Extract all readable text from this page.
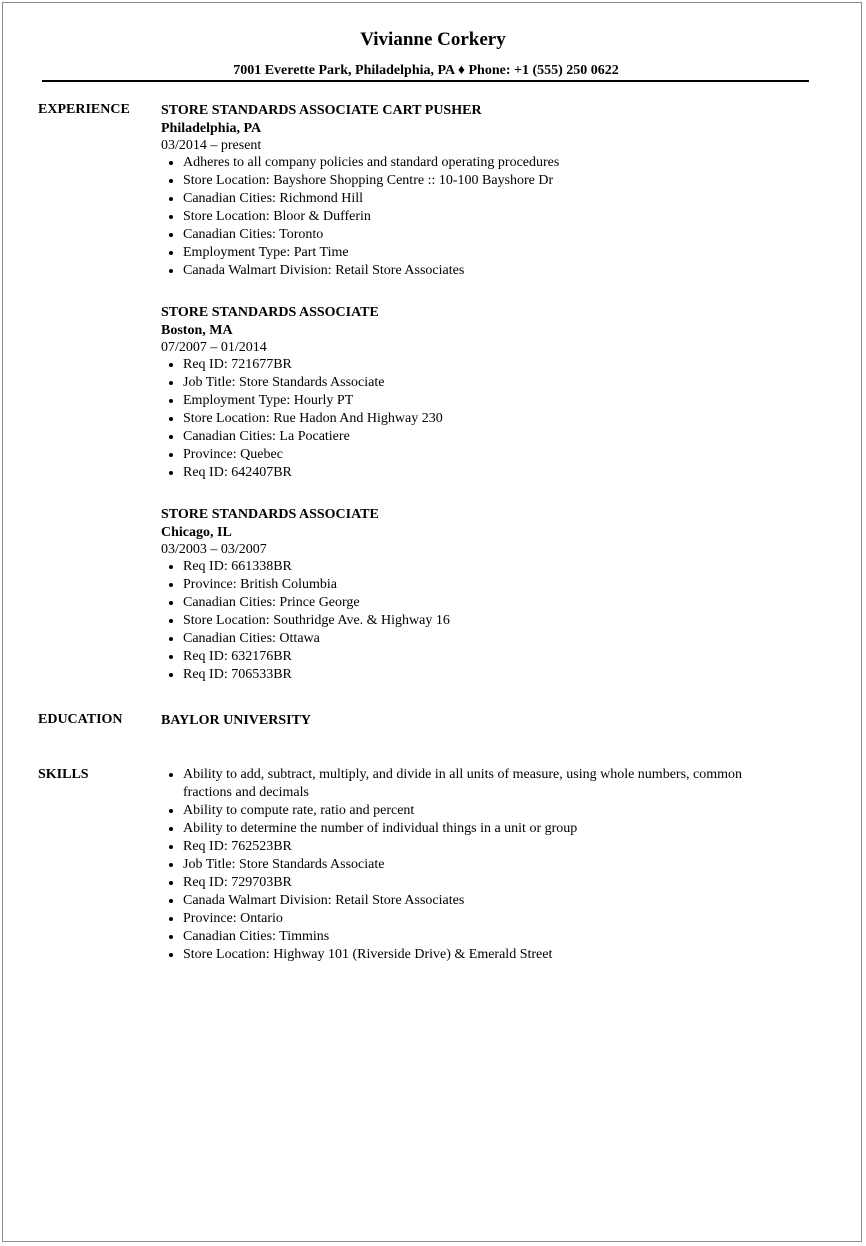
Vivianne Corkery
7001 Everette Park, Philadelphia, PA ♦ Phone: +1 (555) 250 0622
EXPERIENCE STORE STANDARDS ASSOCIATE CART PUSHER
Philadelphia, PA
03/2014 – present
Adheres to all company policies and standard operating procedures
Store Location: Bayshore Shopping Centre :: 10-100 Bayshore Dr
Canadian Cities: Richmond Hill
Store Location: Bloor & Dufferin
Canadian Cities: Toronto
Employment Type: Part Time
Canada Walmart Division: Retail Store Associates
STORE STANDARDS ASSOCIATE
Boston, MA
07/2007 – 01/2014
Req ID: 721677BR
Job Title: Store Standards Associate
Employment Type: Hourly PT
Store Location: Rue Hadon And Highway 230
Canadian Cities: La Pocatiere
Province: Quebec
Req ID: 642407BR
STORE STANDARDS ASSOCIATE
Chicago, IL
03/2003 – 03/2007
Req ID: 661338BR
Province: British Columbia
Canadian Cities: Prince George
Store Location: Southridge Ave. & Highway 16
Canadian Cities: Ottawa
Req ID: 632176BR
Req ID: 706533BR
EDUCATION	BAYLOR UNIVERSITY
SKILLS	Ability to add, subtract, multiply, and divide in all units of measure, using whole numbers, common fractions and decimals
Ability to compute rate, ratio and percent
Ability to determine the number of individual things in a unit or group
Req ID: 762523BR
Job Title: Store Standards Associate
Req ID: 729703BR
Canada Walmart Division: Retail Store Associates
Province: Ontario
Canadian Cities: Timmins
Store Location: Highway 101 (Riverside Drive) & Emerald Street
